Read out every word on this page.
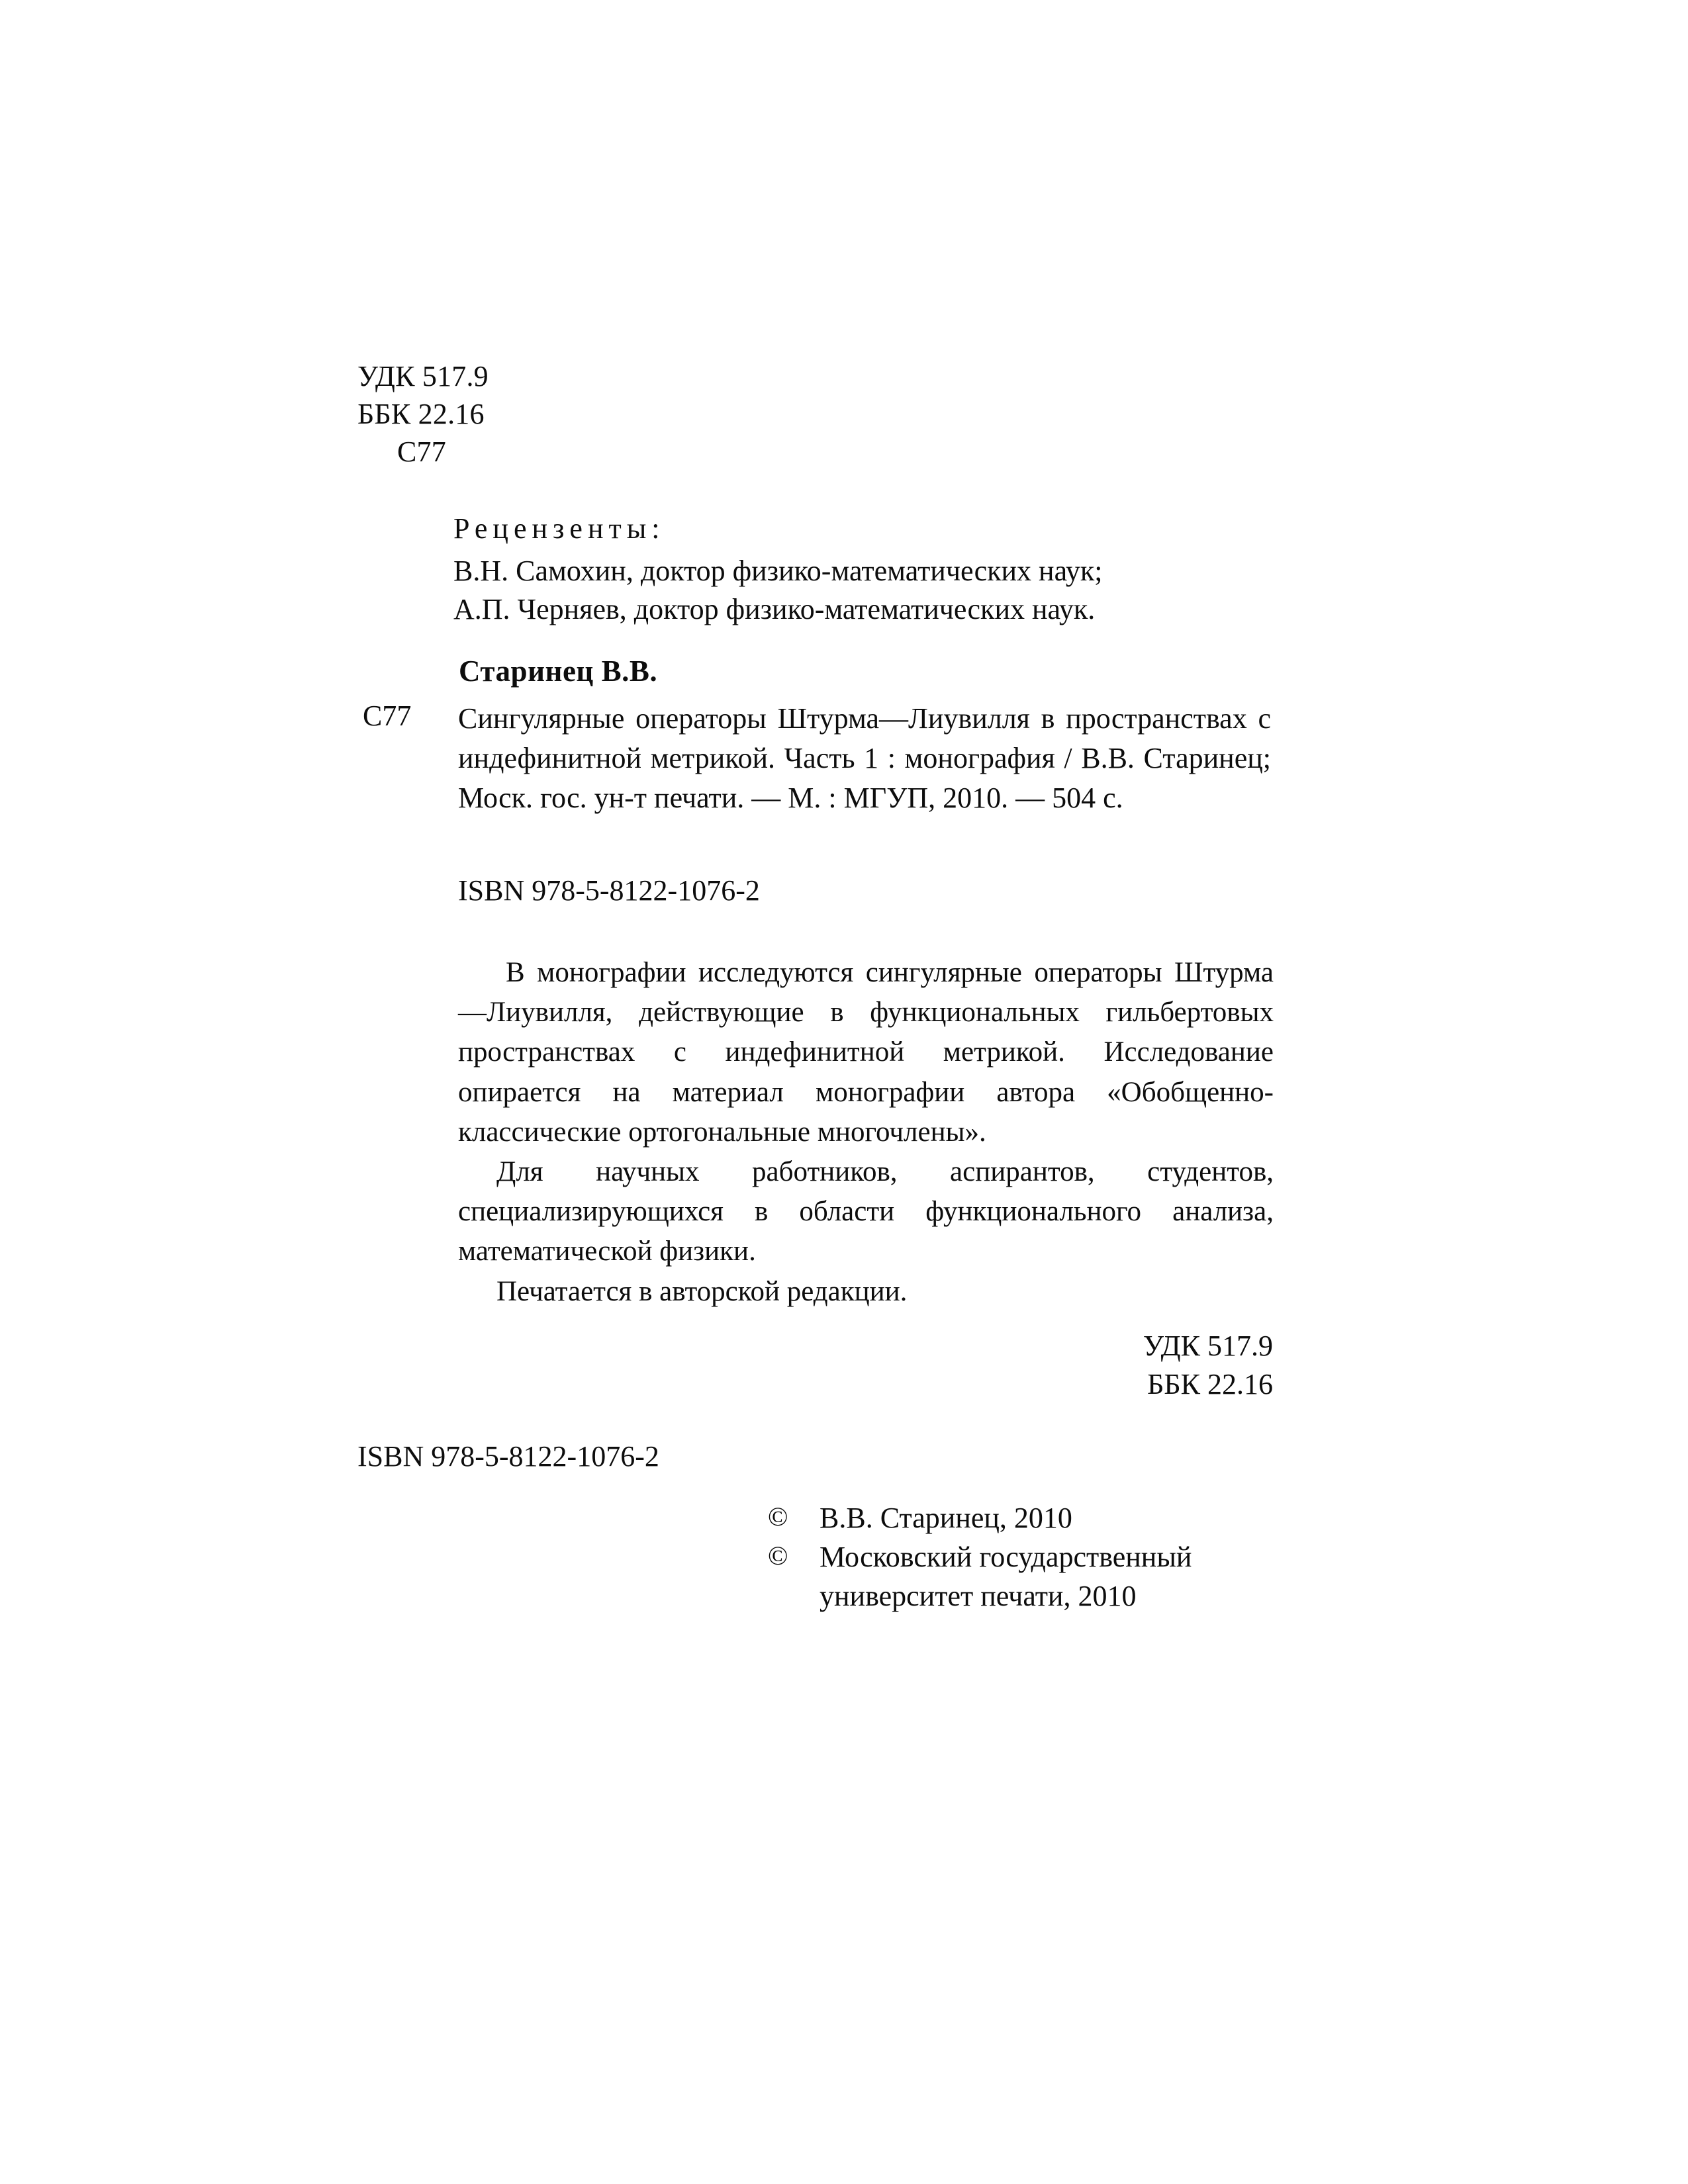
УДК 517.9
ББК 22.16
С77
Рецензенты:
В.Н. Самохин, доктор физико-математических наук;
А.П. Черняев, доктор физико-математических наук.
Старинец В.В.
С77 Сингулярные операторы Штурма—Лиувилля в пространствах с индефинитной метрикой. Часть 1 : монография / В.В. Старинец; Моск. гос. ун-т печати. — М. : МГУП, 2010. — 504 с.
ISBN 978-5-8122-1076-2

В монографии исследуются сингулярные операторы Штурма—Лиувилля, действующие в функциональных гильбертовых пространствах с индефинитной метрикой. Исследование опирается на материал монографии автора «Обобщенно-классические ортогональные многочлены».

Для научных работников, аспирантов, студентов, специализирующихся в области функционального анализа, математической физики.

Печатается в авторской редакции.

УДК 517.9
ББК 22.16
ISBN 978-5-8122-1076-2
©	В.В. Старинец, 2010
©	Московский государственный
университет печати, 2010
